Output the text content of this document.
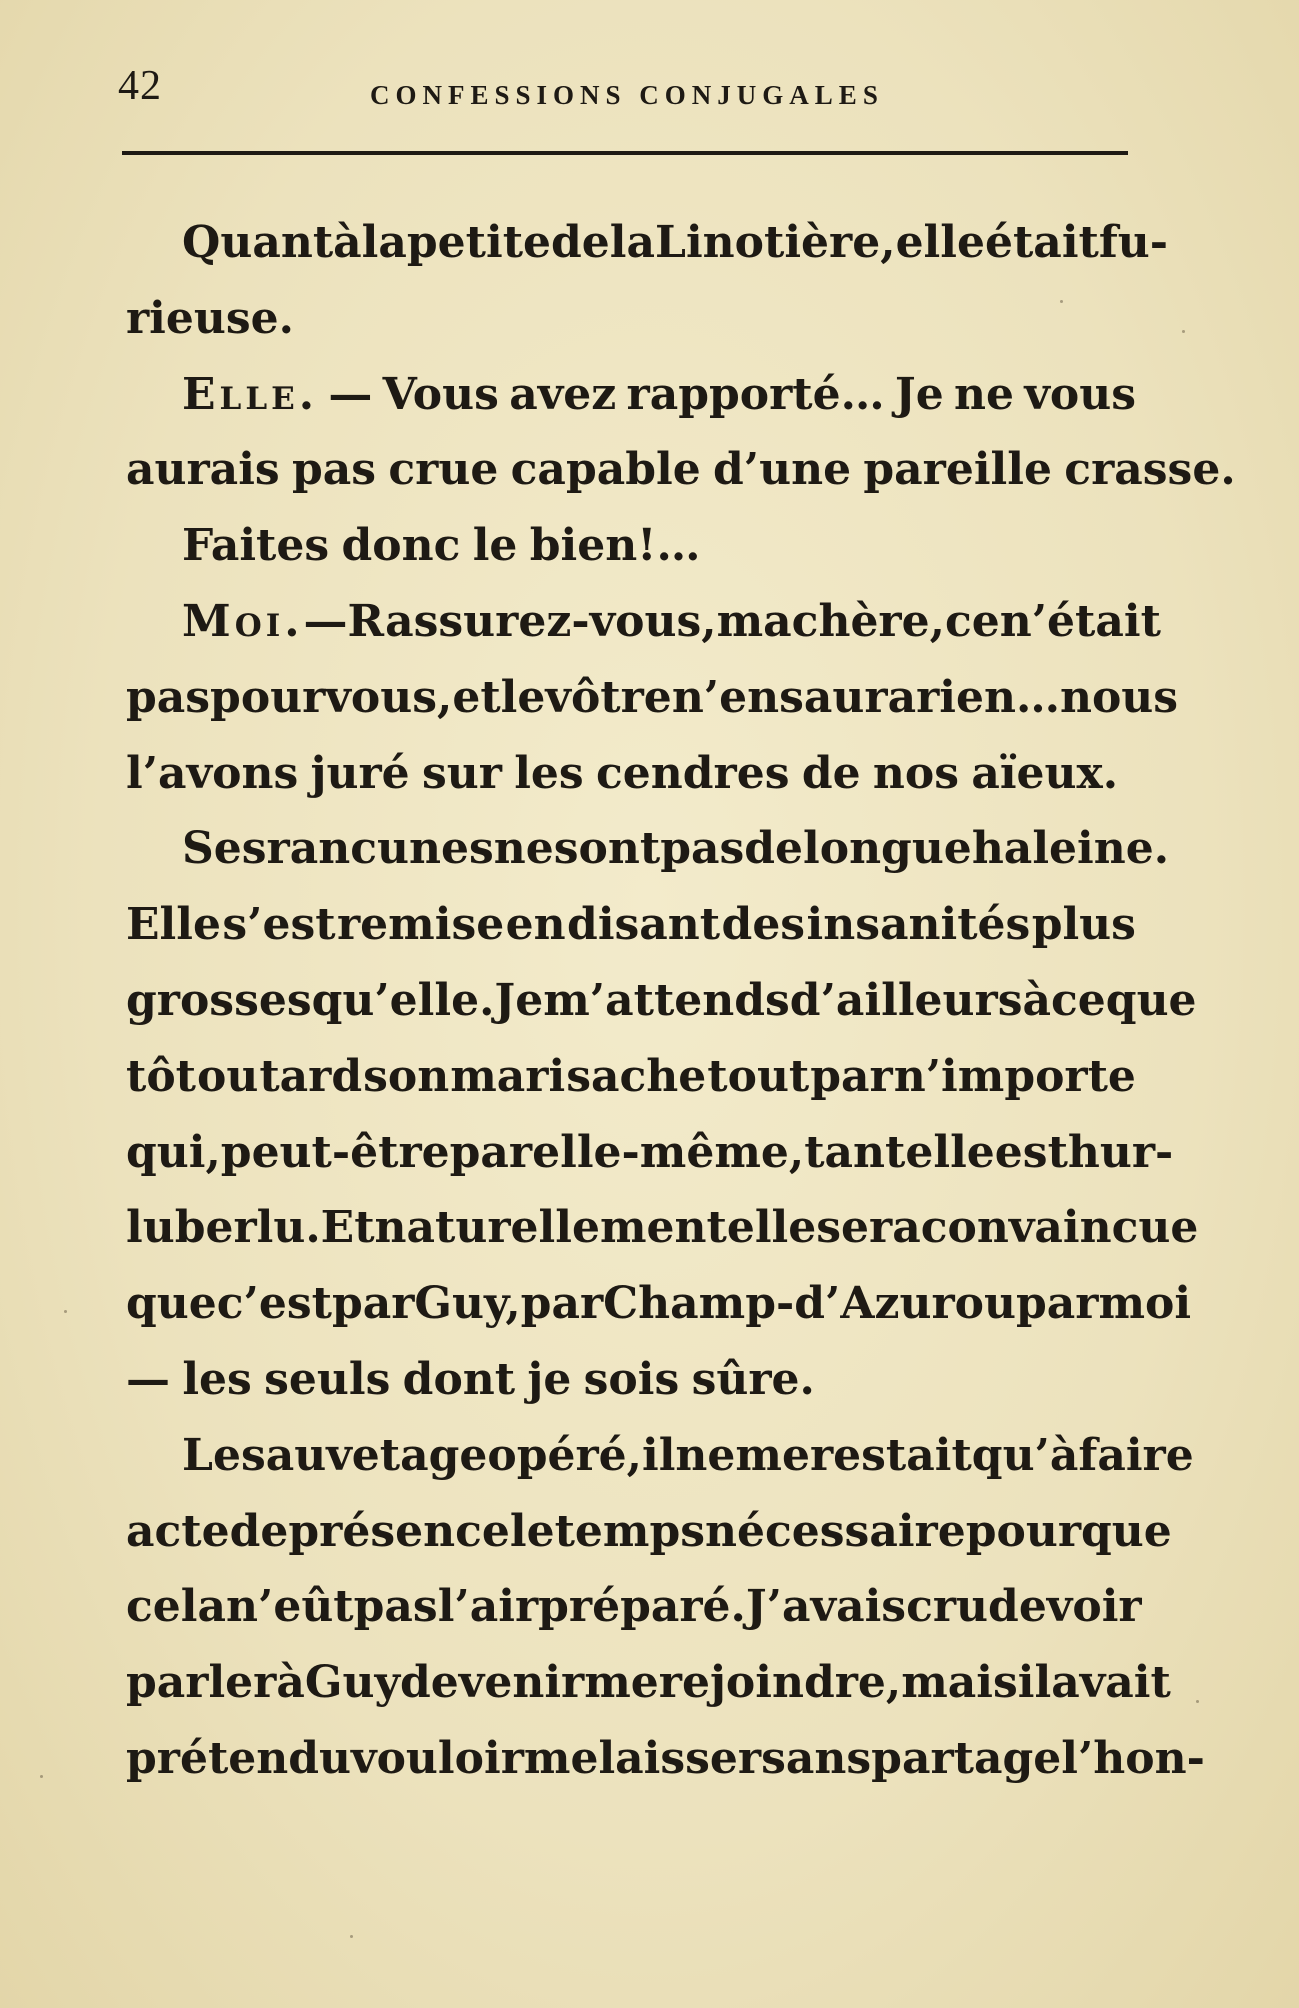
42	CONFESSIONS CONJUGALES
Quant à la petite de la Linotière, elle était fu-
rieuse.
Elle. — Vous avez rapporté… Je ne vous
aurais pas crue capable d’une pareille crasse.
Faites donc le bien!…
Moi. — Rassurez-vous, ma chère, ce n’était
pas pour vous, et le vôtre n’en saura rien… nous
l’avons juré sur les cendres de nos aïeux.
Ses rancunes ne sont pas de longue haleine.
Elle s’est remise en disant des insanités plus
grosses qu’elle. Je m’attends d’ailleurs à ce que
tôt ou tard son mari sache tout par n’importe
qui, peut-être par elle-même, tant elle est hur-
luberlu. Et naturellement elle sera convaincue
que c’est par Guy, par Champ-d’Azur ou par moi
— les seuls dont je sois sûre.
Le sauvetage opéré, il ne me restait qu’à faire
acte de présence le temps nécessaire pour que
cela n’eût pas l’air préparé. J’avais cru devoir
parler à Guy de venir me rejoindre, mais il avait
prétendu vouloir me laisser sans partage l’hon-
